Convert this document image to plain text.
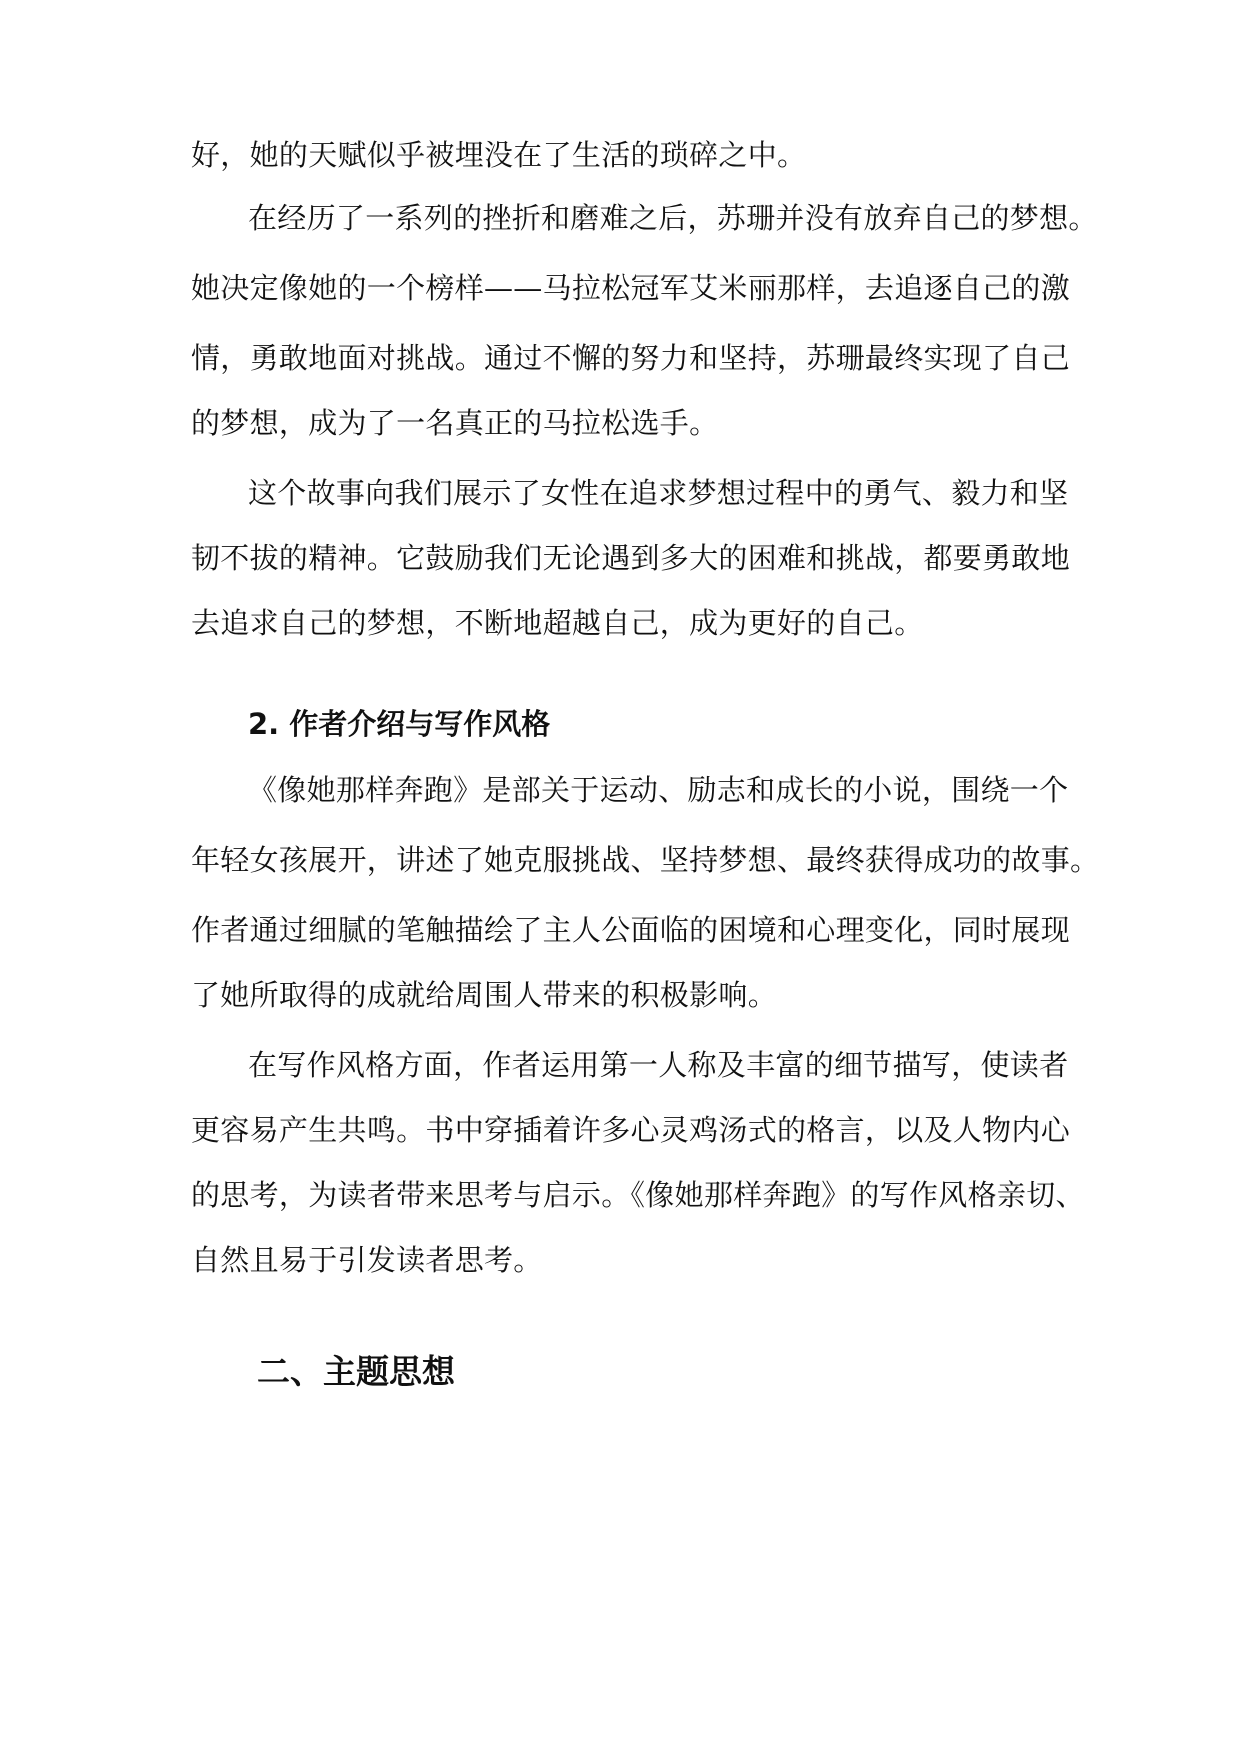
好，她的天赋似乎被埋没在了生活的琐碎之中。
在经历了一系列的挫折和磨难之后，苏珊并没有放弃自己的梦想。
她决定像她的一个榜样——马拉松冠军艾米丽那样，去追逐自己的激
情，勇敢地面对挑战。通过不懈的努力和坚持，苏珊最终实现了自己
的梦想，成为了一名真正的马拉松选手。
这个故事向我们展示了女性在追求梦想过程中的勇气、毅力和坚
韧不拔的精神。它鼓励我们无论遇到多大的困难和挑战，都要勇敢地
去追求自己的梦想，不断地超越自己，成为更好的自己。
2. 作者介绍与写作风格
《像她那样奔跑》是部关于运动、励志和成长的小说，围绕一个
年轻女孩展开，讲述了她克服挑战、坚持梦想、最终获得成功的故事。
作者通过细腻的笔触描绘了主人公面临的困境和心理变化，同时展现
了她所取得的成就给周围人带来的积极影响。
在写作风格方面，作者运用第一人称及丰富的细节描写，使读者
更容易产生共鸣。书中穿插着许多心灵鸡汤式的格言，以及人物内心
的思考，为读者带来思考与启示。《像她那样奔跑》的写作风格亲切、
自然且易于引发读者思考。
二、主题思想
